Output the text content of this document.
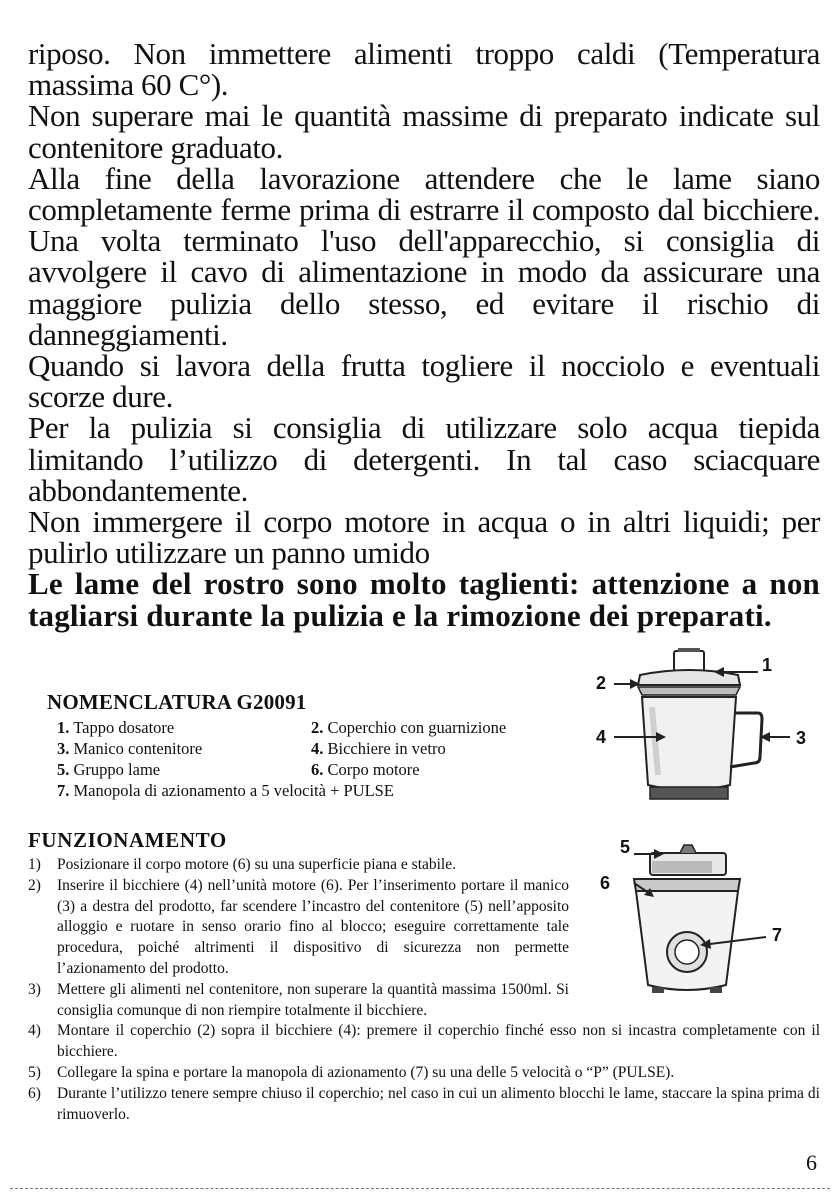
riposo. Non immettere alimenti troppo caldi (Temperatura massima 60 C°).

Non superare mai le quantità massime di preparato indicate sul contenitore graduato.

Alla fine della lavorazione attendere che le lame siano completamente ferme prima di estrarre il composto dal bicchiere. Una volta terminato l'uso dell'apparecchio, si consiglia di avvolgere il cavo di alimentazione in modo da assicurare una maggiore pulizia dello stesso, ed evitare il rischio di danneggiamenti.

Quando si lavora della frutta togliere il nocciolo e eventuali scorze dure.

Per la pulizia si consiglia di utilizzare solo acqua tiepida limitando l’utilizzo di detergenti. In tal caso sciacquare abbondantemente.

Non immergere il corpo motore in acqua o in altri liquidi; per pulirlo utilizzare un panno umido

Le lame del rostro sono molto taglienti: attenzione a non tagliarsi durante la pulizia e la rimozione dei preparati.

NOMENCLATURA G20091
1. Tappo dosatore	2. Coperchio con guarnizione
3. Manico contenitore	4. Bicchiere in vetro
5. Gruppo lame	6. Corpo motore
7. Manopola di azionamento a 5 velocità + PULSE
1
2
3
4
5
6
7
FUNZIONAMENTO
1) Posizionare il corpo motore (6) su una superficie piana e stabile.
2) Inserire il bicchiere (4) nell’unità motore (6). Per l’inserimento portare il manico (3) a destra del prodotto, far scendere l’incastro del contenitore (5) nell’apposito alloggio e ruotare in senso orario fino al blocco; eseguire correttamente tale procedura, poiché altrimenti il dispositivo di sicurezza non permette l’azionamento del prodotto.
3) Mettere gli alimenti nel contenitore, non superare la quantità massima 1500ml. Si consiglia comunque di non riempire totalmente il bicchiere.
4) Montare il coperchio (2) sopra il bicchiere (4): premere il coperchio finché esso non si incastra completamente con il bicchiere.
5) Collegare la spina e portare la manopola di azionamento (7) su una delle 5 velocità o “P” (PULSE).
6) Durante l’utilizzo tenere sempre chiuso il coperchio; nel caso in cui un alimento blocchi le lame, staccare la spina prima di rimuoverlo.
6
